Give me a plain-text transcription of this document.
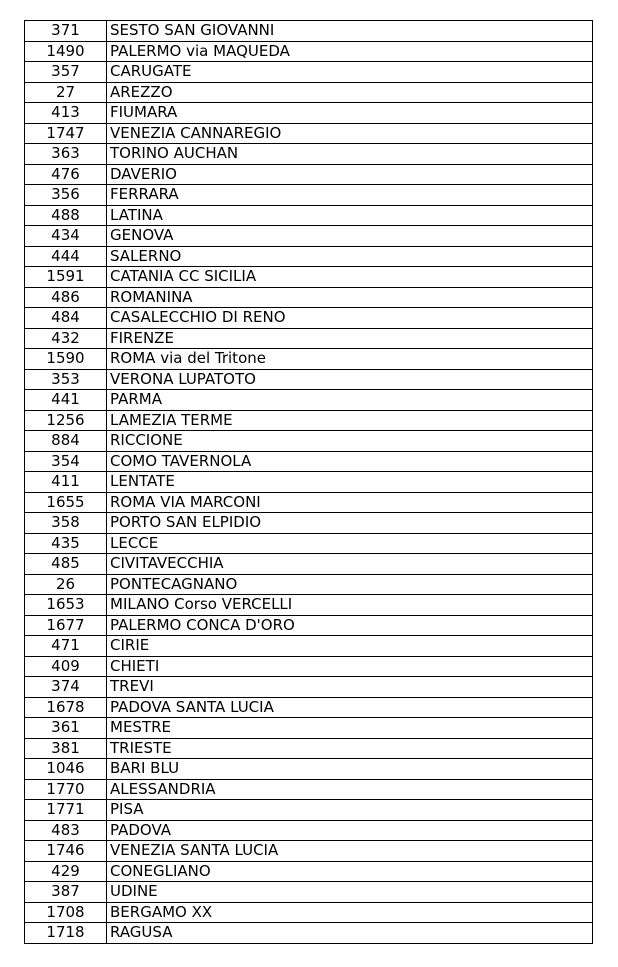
371	SESTO SAN GIOVANNI
1490	PALERMO via MAQUEDA
357	CARUGATE
27	AREZZO
413	FIUMARA
1747	VENEZIA CANNAREGIO
363	TORINO AUCHAN
476	DAVERIO
356	FERRARA
488	LATINA
434	GENOVA
444	SALERNO
1591	CATANIA CC SICILIA
486	ROMANINA
484	CASALECCHIO DI RENO
432	FIRENZE
1590	ROMA via del Tritone
353	VERONA LUPATOTO
441	PARMA
1256	LAMEZIA TERME
884	RICCIONE
354	COMO TAVERNOLA
411	LENTATE
1655	ROMA VIA MARCONI
358	PORTO SAN ELPIDIO
435	LECCE
485	CIVITAVECCHIA
26	PONTECAGNANO
1653	MILANO Corso VERCELLI
1677	PALERMO CONCA D'ORO
471	CIRIE
409	CHIETI
374	TREVI
1678	PADOVA SANTA LUCIA
361	MESTRE
381	TRIESTE
1046	BARI BLU
1770	ALESSANDRIA
1771	PISA
483	PADOVA
1746	VENEZIA SANTA LUCIA
429	CONEGLIANO
387	UDINE
1708	BERGAMO XX
1718	RAGUSA
